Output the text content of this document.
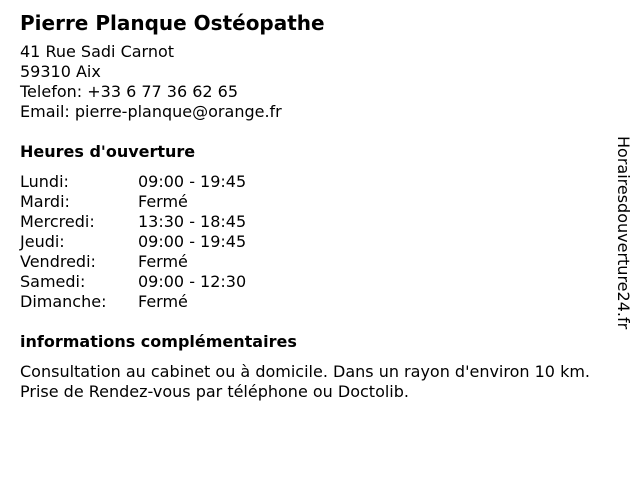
Pierre Planque Ostéopathe
41 Rue Sadi Carnot
59310 Aix
Telefon: +33 6 77 36 62 65
Email: pierre-planque@orange.fr
Heures d'ouverture
Lundi:	09:00 - 19:45
Mardi:	Fermé
Mercredi:	13:30 - 18:45
Jeudi:	09:00 - 19:45
Vendredi:	Fermé
Samedi:	09:00 - 12:30
Dimanche:	Fermé
informations complémentaires

Consultation au cabinet ou à domicile. Dans un rayon d'environ 10 km. Prise de Rendez-vous par téléphone ou Doctolib.

Horairesdouverture24.fr
